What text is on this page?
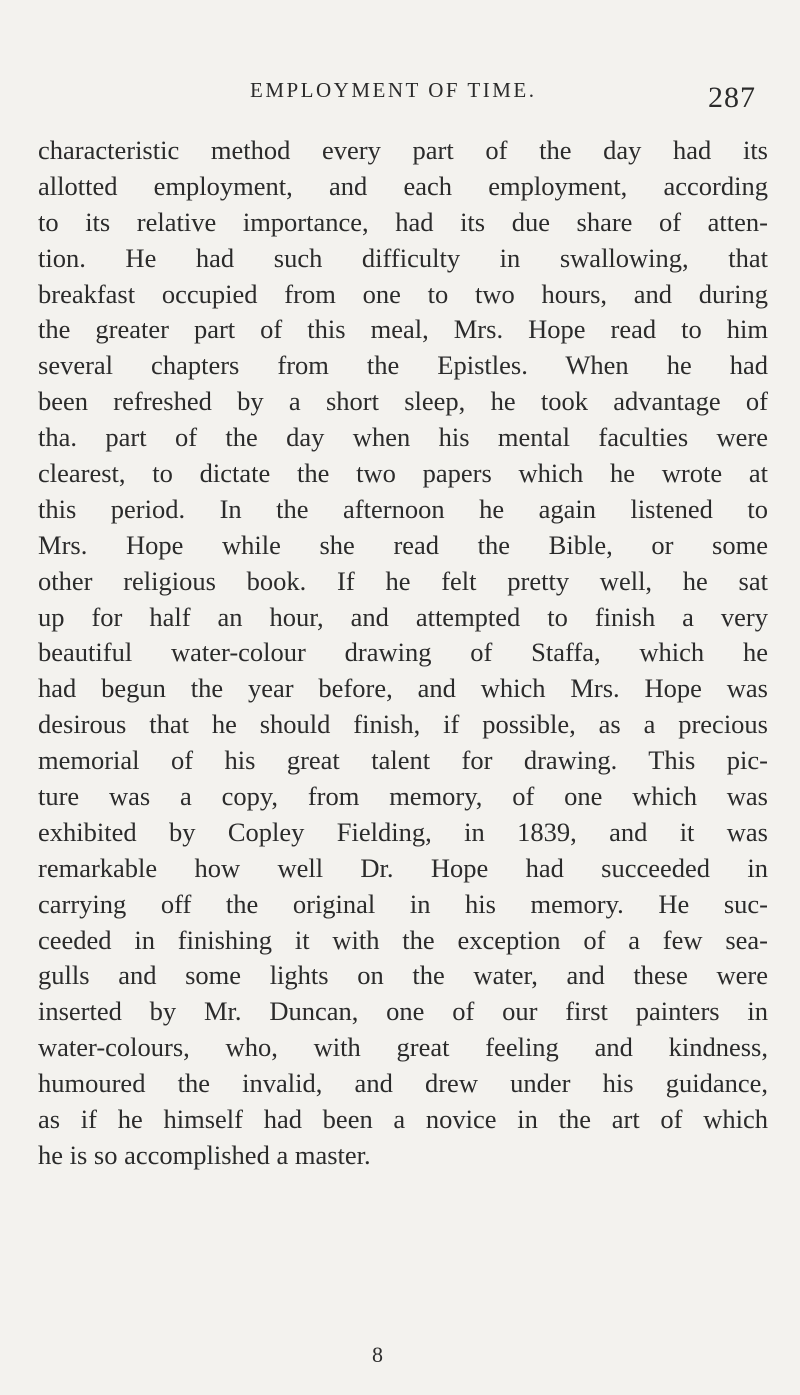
EMPLOYMENT OF TIME.	287
characteristic method every part of the day had its
allotted employment, and each employment, according
to its relative importance, had its due share of atten-
tion. He had such difficulty in swallowing, that
breakfast occupied from one to two hours, and during
the greater part of this meal, Mrs. Hope read to him
several chapters from the Epistles. When he had
been refreshed by a short sleep, he took advantage of
tha. part of the day when his mental faculties were
clearest, to dictate the two papers which he wrote at
this period. In the afternoon he again listened to
Mrs. Hope while she read the Bible, or some
other religious book. If he felt pretty well, he sat
up for half an hour, and attempted to finish a very
beautiful water-colour drawing of Staffa, which he
had begun the year before, and which Mrs. Hope was
desirous that he should finish, if possible, as a precious
memorial of his great talent for drawing. This pic-
ture was a copy, from memory, of one which was
exhibited by Copley Fielding, in 1839, and it was
remarkable how well Dr. Hope had succeeded in
carrying off the original in his memory. He suc-
ceeded in finishing it with the exception of a few sea-
gulls and some lights on the water, and these were
inserted by Mr. Duncan, one of our first painters in
water-colours, who, with great feeling and kindness,
humoured the invalid, and drew under his guidance,
as if he himself had been a novice in the art of which
he is so accomplished a master.
8
